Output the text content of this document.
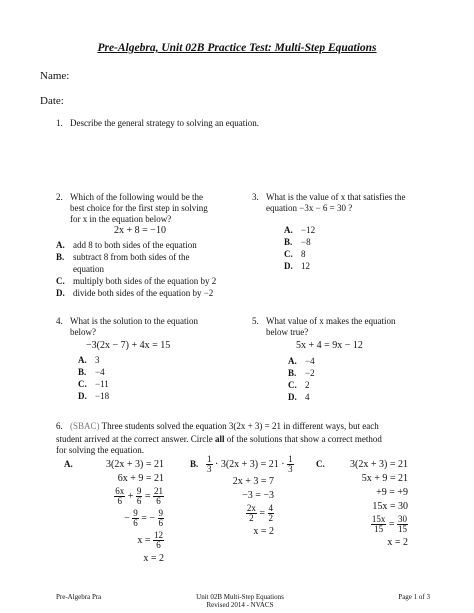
Pre-Algebra, Unit 02B Practice Test: Multi-Step Equations
Name:
Date:
1. Describe the general strategy to solving an equation.
2. Which of the following would be the
best choice for the first step in solving
for x in the equation below?
2x + 8 = −10
A. add 8 to both sides of the equation
B. subtract 8 from both sides of the
equation
C. multiply both sides of the equation by 2
D. divide both sides of the equation by −2
3. What is the value of x that satisfies the
equation −3x − 6 = 30 ?
A. −12
B. −8
C. 8
D. 12
4. What is the solution to the equation
below?
−3(2x − 7) + 4x = 15
A. 3
B. −4
C. −11
D. −18
5. What value of x makes the equation
below true?
5x + 4 = 9x − 12
A. −4
B. −2
C. 2
D. 4
6. (SBAC) Three students solved the equation 3(2x + 3) = 21 in different ways, but each
student arrived at the correct answer. Circle all of the solutions that show a correct method
for solving the equation.
A.	3(2x + 3) = 21
6x + 9 = 21
$\frac{6x}{6} + \frac{9}{6} = \frac{21}{6}$
− $\frac{9}{6}$ = − $\frac{9}{6}$
$x = \frac{12}{6}$
x = 2
B. $\frac{1}{3} \cdot 3(2x + 3) = 21 \cdot \frac{1}{3}$
2x + 3 = 7
−3 = −3
$\frac{2x}{2} = \frac{4}{2}$
x = 2
C.	3(2x + 3) = 21
5x + 9 = 21
+9 = +9
15x = 30
$\frac{15x}{15} = \frac{30}{15}$
x = 2
Pre-Algebra Pra	Unit 02B Multi-Step Equations
Revised 2014 - NVACS
Page 1 of 3
